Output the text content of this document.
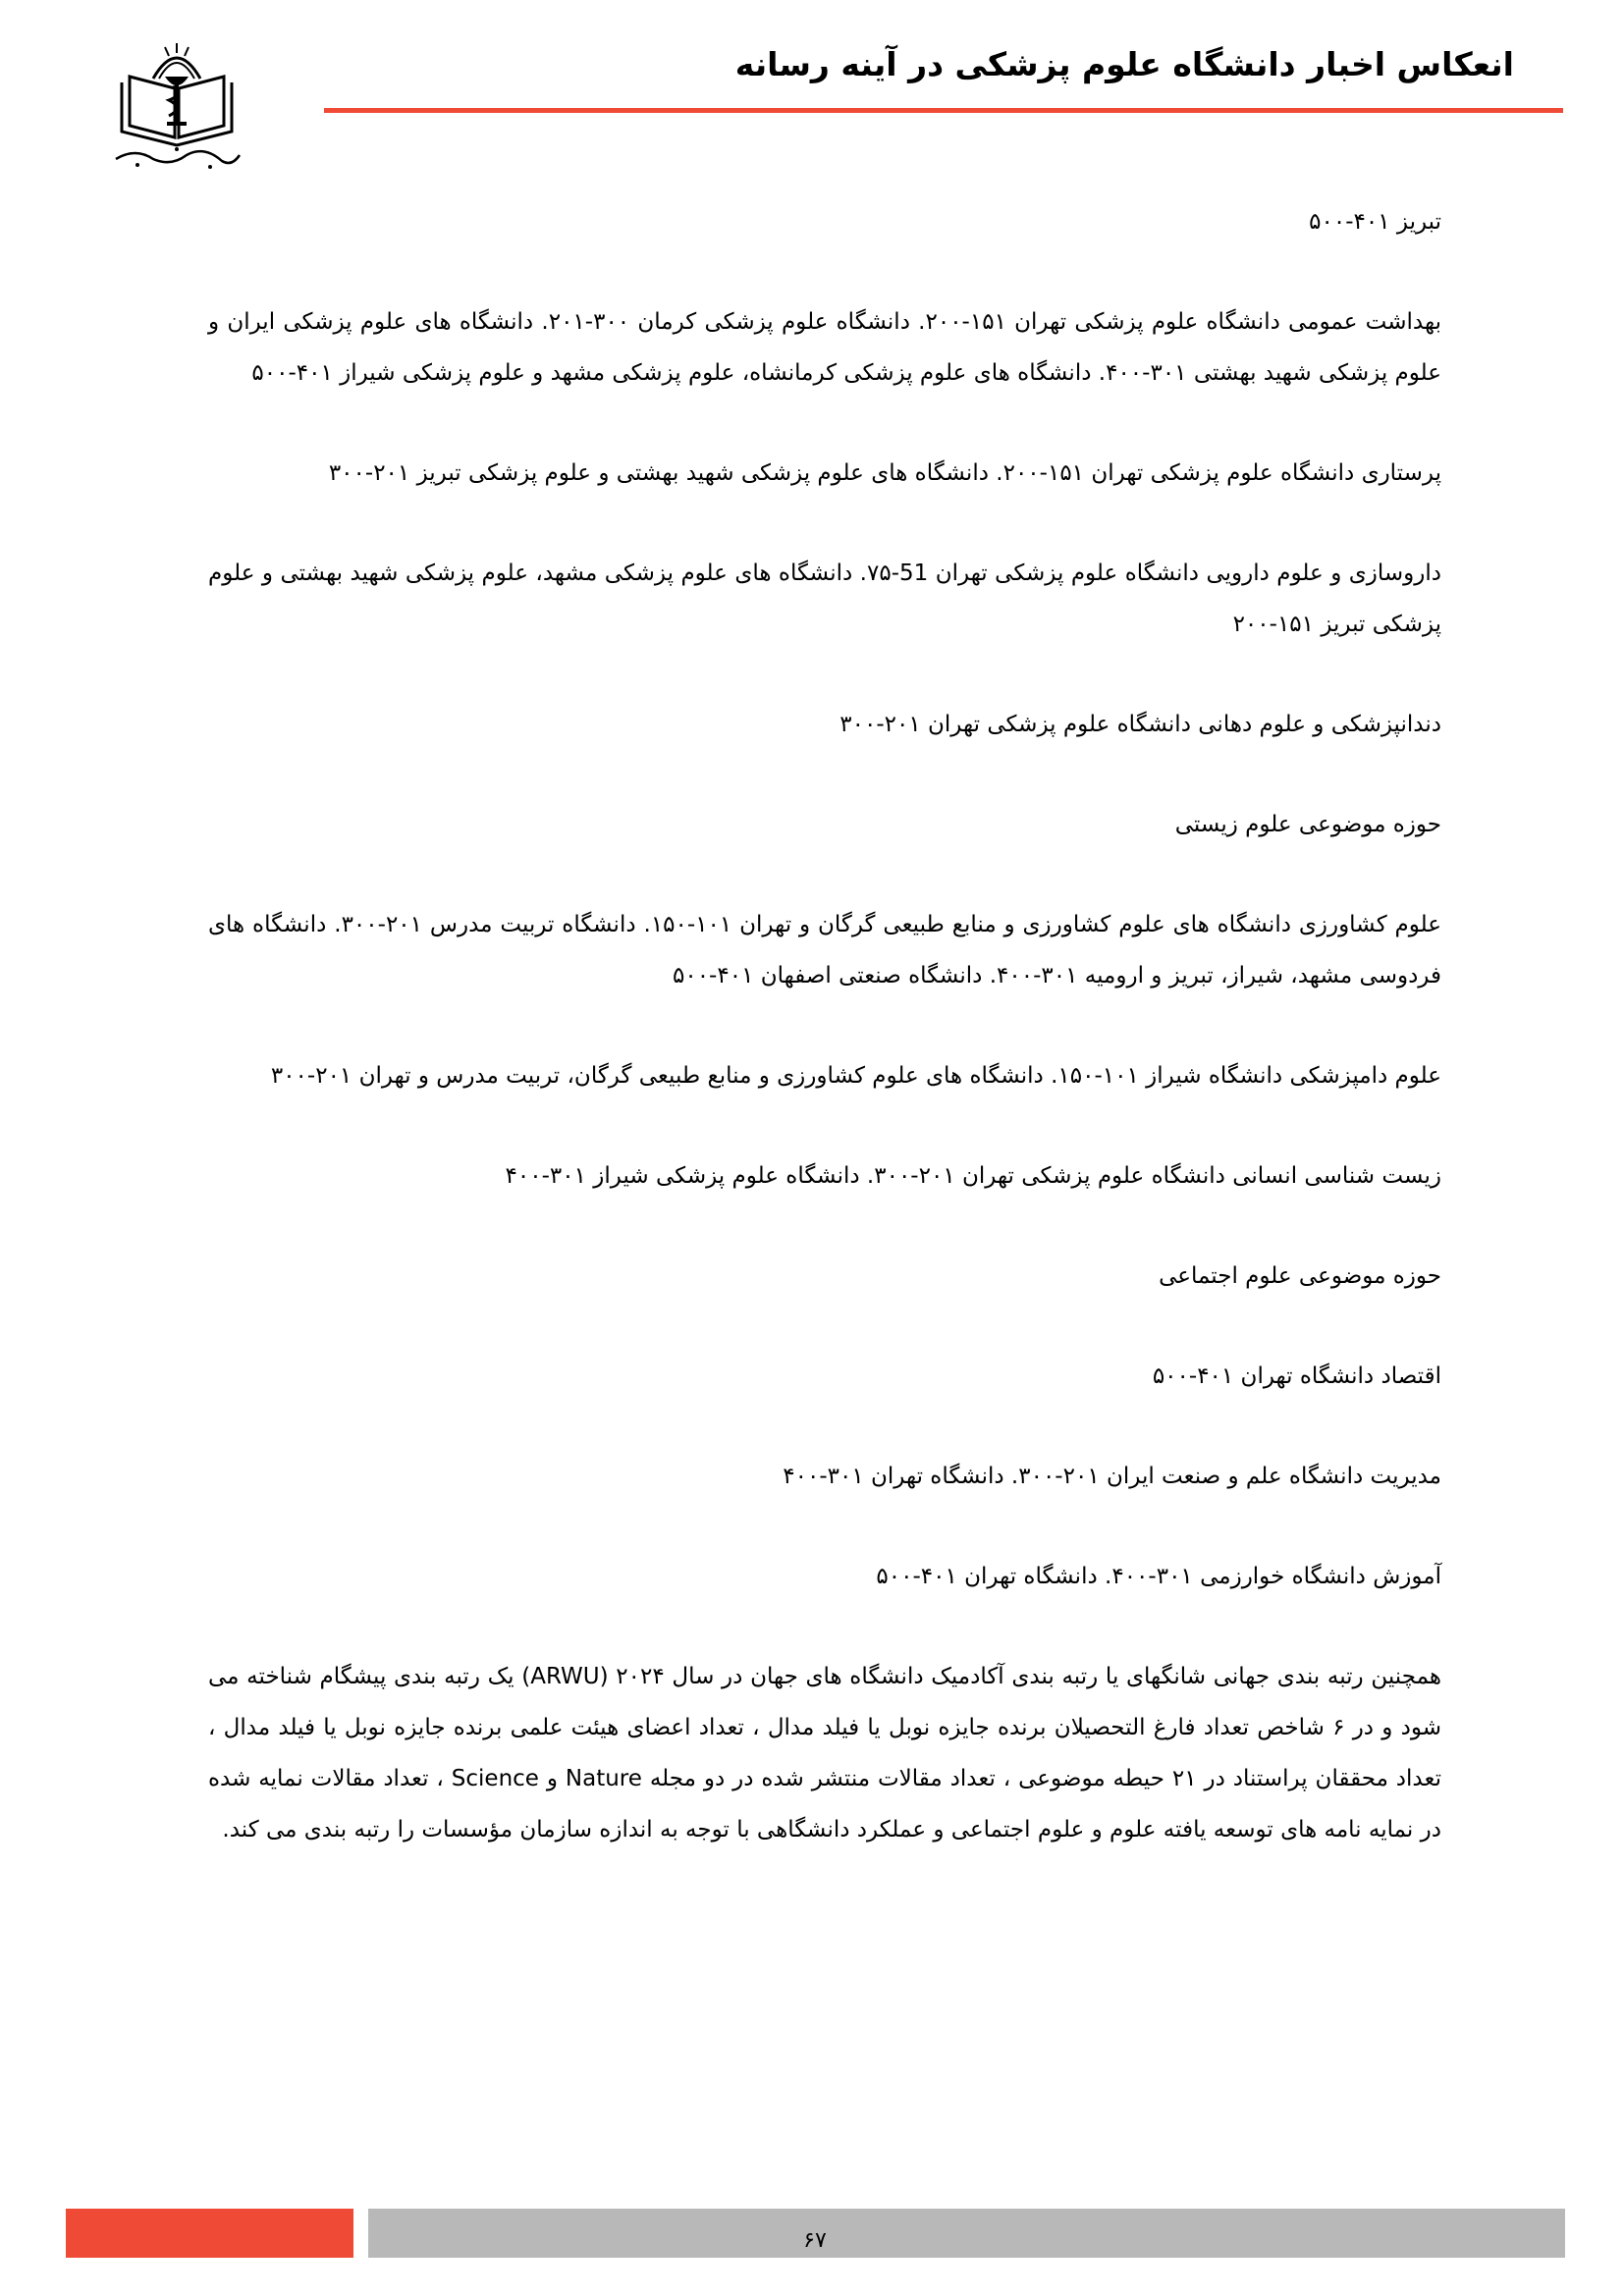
انعکاس اخبار دانشگاه علوم پزشکی در آینه رسانه

تبریز ۴۰۱-۵۰۰

بهداشت عمومی دانشگاه علوم پزشکی تهران ۱۵۱-۲۰۰. دانشگاه علوم پزشکی کرمان ۳۰۰-۲۰۱. دانشگاه های علوم پزشکی ایران و علوم پزشکی شهید بهشتی ۳۰۱-۴۰۰. دانشگاه های علوم پزشکی کرمانشاه، علوم پزشکی مشهد و علوم پزشکی شیراز ۴۰۱-۵۰۰

پرستاری دانشگاه علوم پزشکی تهران ۱۵۱-۲۰۰. دانشگاه های علوم پزشکی شهید بهشتی و علوم پزشکی تبریز ۲۰۱-۳۰۰

داروسازی و علوم دارویی دانشگاه علوم پزشکی تهران 51-۷۵. دانشگاه های علوم پزشکی مشهد، علوم پزشکی شهید بهشتی و علوم پزشکی تبریز ۱۵۱-۲۰۰

دندانپزشکی و علوم دهانی دانشگاه علوم پزشکی تهران ۲۰۱-۳۰۰

حوزه موضوعی علوم زیستی

علوم کشاورزی دانشگاه های علوم کشاورزی و منابع طبیعی گرگان و تهران ۱۰۱-۱۵۰. دانشگاه تربیت مدرس ۲۰۱-۳۰۰. دانشگاه های فردوسی مشهد، شیراز، تبریز و ارومیه ۳۰۱-۴۰۰. دانشگاه صنعتی اصفهان ۴۰۱-۵۰۰

علوم دامپزشکی دانشگاه شیراز ۱۰۱-۱۵۰. دانشگاه های علوم کشاورزی و منابع طبیعی گرگان، تربیت مدرس و تهران ۲۰۱-۳۰۰

زیست شناسی انسانی دانشگاه علوم پزشکی تهران ۲۰۱-۳۰۰. دانشگاه علوم پزشکی شیراز ۳۰۱-۴۰۰

حوزه موضوعی علوم اجتماعی

اقتصاد دانشگاه تهران ۴۰۱-۵۰۰

مدیریت دانشگاه علم و صنعت ایران ۲۰۱-۳۰۰. دانشگاه تهران ۳۰۱-۴۰۰

آموزش دانشگاه خوارزمی ۳۰۱-۴۰۰. دانشگاه تهران ۴۰۱-۵۰۰

همچنین رتبه بندی جهانی شانگهای یا رتبه بندی آکادمیک دانشگاه های جهان در سال ۲۰۲۴ (ARWU) یک رتبه بندی پیشگام شناخته می شود و در ۶ شاخص تعداد فارغ التحصیلان برنده جایزه نوبل یا فیلد مدال ، تعداد اعضای هیئت علمی برنده جایزه نوبل یا فیلد مدال ، تعداد محققان پراستناد در ۲۱ حیطه موضوعی ، تعداد مقالات منتشر شده در دو مجله Nature و Science ، تعداد مقالات نمایه شده در نمایه نامه های توسعه یافته علوم و علوم اجتماعی و عملکرد دانشگاهی با توجه به اندازه سازمان مؤسسات را رتبه بندی می کند.

۶۷
